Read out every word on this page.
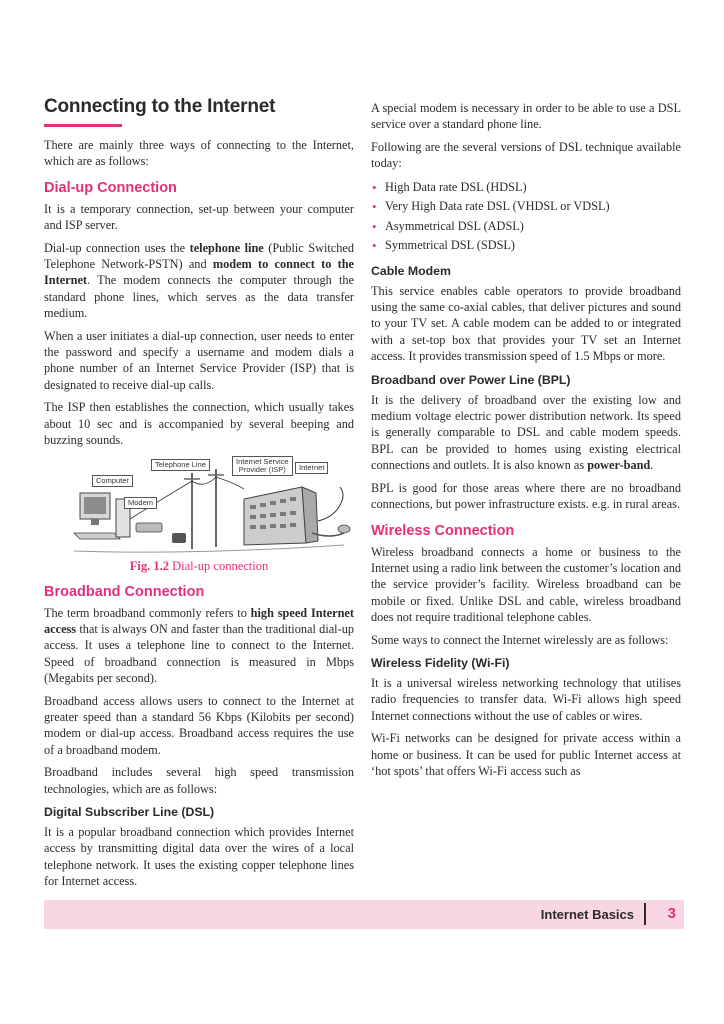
Connecting to the Internet

There are mainly three ways of connecting to the Internet, which are as follows:

Dial-up Connection

It is a temporary connection, set-up between your computer and ISP server.

Dial-up connection uses the telephone line (Public Switched Telephone Network-PSTN) and modem to connect to the Internet. The modem connects the computer through the standard phone lines, which serves as the data transfer medium.

When a user initiates a dial-up connection, user needs to enter the password and specify a username and modem dials a phone number of an Internet Service Provider (ISP) that is designated to receive dial-up calls.

The ISP then establishes the connection, which usually takes about 10 sec and is accompanied by several beeping and buzzing sounds.

Computer
Modem
Telephone Line	Internet Service
Provider (ISP)	Internet
Fig. 1.2 Dial-up connection
Broadband Connection

The term broadband commonly refers to high speed Internet access that is always ON and faster than the traditional dial-up access. It uses a telephone line to connect to the Internet. Speed of broadband connection is measured in Mbps (Megabits per second).

Broadband access allows users to connect to the Internet at greater speed than a standard 56 Kbps (Kilobits per second) modem or dial-up access. Broadband access requires the use of a broadband modem.

Broadband includes several high speed transmission technologies, which are as follows:

Digital Subscriber Line (DSL)

It is a popular broadband connection which provides Internet access by transmitting digital data over the wires of a local telephone network. It uses the existing copper telephone lines for Internet access.

A special modem is necessary in order to be able to use a DSL service over a standard phone line.

Following are the several versions of DSL technique available today:

• High Data rate DSL (HDSL)
• Very High Data rate DSL (VHDSL or VDSL)
• Asymmetrical DSL (ADSL)
• Symmetrical DSL (SDSL)
Cable Modem

This service enables cable operators to provide broadband using the same co-axial cables, that deliver pictures and sound to your TV set. A cable modem can be added to or integrated with a set-top box that provides your TV set an Internet access. It provides transmission speed of 1.5 Mbps or more.

Broadband over Power Line (BPL)

It is the delivery of broadband over the existing low and medium voltage electric power distribution network. Its speed is generally comparable to DSL and cable modem speeds. BPL can be provided to homes using existing electrical connections and outlets. It is also known as power-band.

BPL is good for those areas where there are no broadband connections, but power infrastructure exists. e.g. in rural areas.

Wireless Connection

Wireless broadband connects a home or business to the Internet using a radio link between the customer’s location and the service provider’s facility. Wireless broadband can be mobile or fixed. Unlike DSL and cable, wireless broadband does not require traditional telephone cables.

Some ways to connect the Internet wirelessly are as follows:

Wireless Fidelity (Wi-Fi)

It is a universal wireless networking technology that utilises radio frequencies to transfer data. Wi-Fi allows high speed Internet connections without the use of cables or wires.

Wi-Fi networks can be designed for private access within a home or business. It can be used for public Internet access at ‘hot spots’ that offers Wi-Fi access such as

Internet Basics 3
